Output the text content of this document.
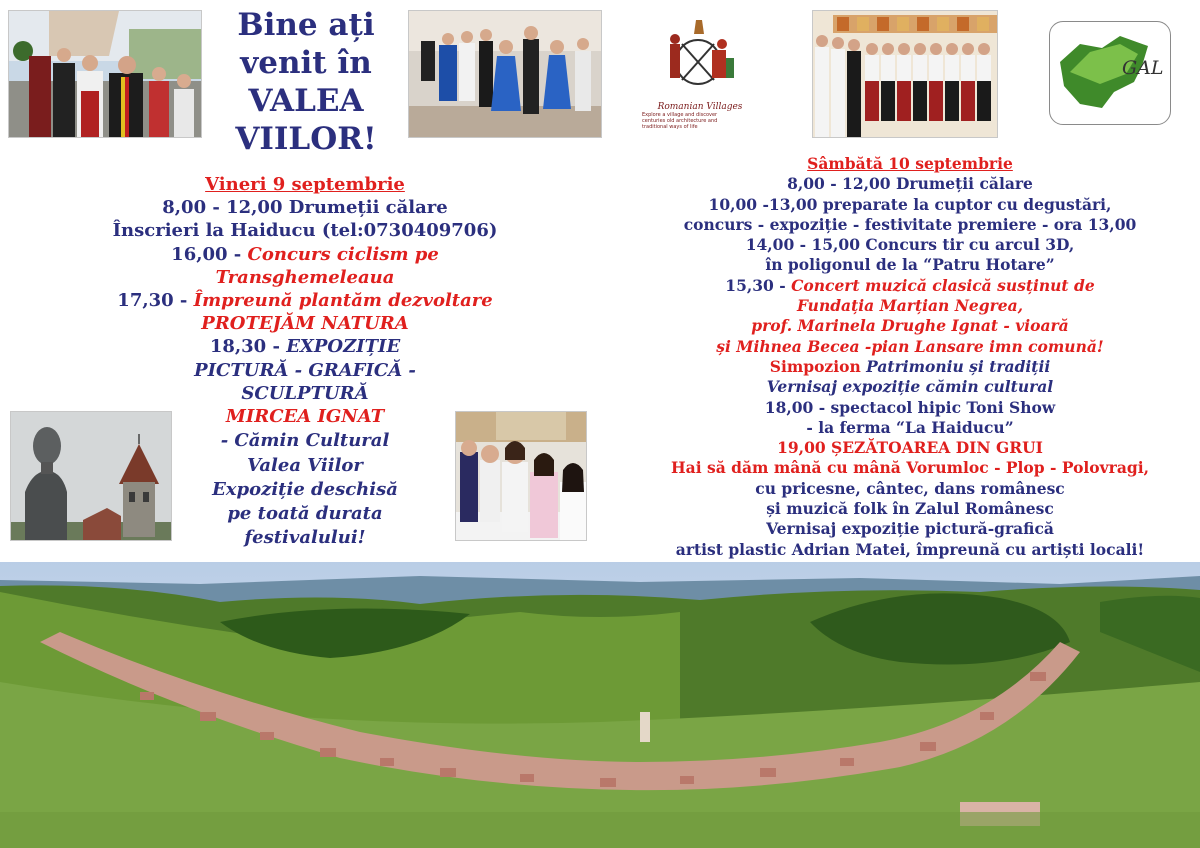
Bine ați
venit în
VALEA
VIILOR!
Romanian Villages
Explore a village and discover
centuries old architecture and
traditional ways of life
GAL
Vineri 9 septembrie
8,00 - 12,00 Drumeții călare
Înscrieri la Haiducu (tel:0730409706)
16,00 - Concurs ciclism pe
Transghemeleaua
17,30 - Împreună plantăm dezvoltare
PROTEJĂM NATURA
18,30 - EXPOZIȚIE
PICTURĂ - GRAFICĂ -
SCULPTURĂ
MIRCEA IGNAT
- Cămin Cultural
Valea Viilor
Expoziție deschisă
pe toată durata
festivalului!
Sâmbătă 10 septembrie
8,00 - 12,00 Drumeții călare
10,00 -13,00 preparate la cuptor cu degustări,
concurs - expoziție - festivitate premiere - ora 13,00
14,00 - 15,00 Concurs tir cu arcul 3D,
în poligonul de la “Patru Hotare”
15,30 - Concert muzică clasică susținut de
Fundația Marțian Negrea,
prof. Marinela Drughe Ignat - vioară
și Mihnea Becea -pian Lansare imn comună!
Simpozion Patrimoniu și tradiții
Vernisaj expoziție cămin cultural
18,00 - spectacol hipic Toni Show
- la ferma “La Haiducu”
19,00 ȘEZĂTOAREA DIN GRUI
Hai să dăm mână cu mână Vorumloc - Plop - Polovragi,
cu pricesne, cântec, dans românesc
și muzică folk în Zalul Românesc
Vernisaj expoziție pictură-grafică
artist plastic Adrian Matei, împreună cu artiști locali!
